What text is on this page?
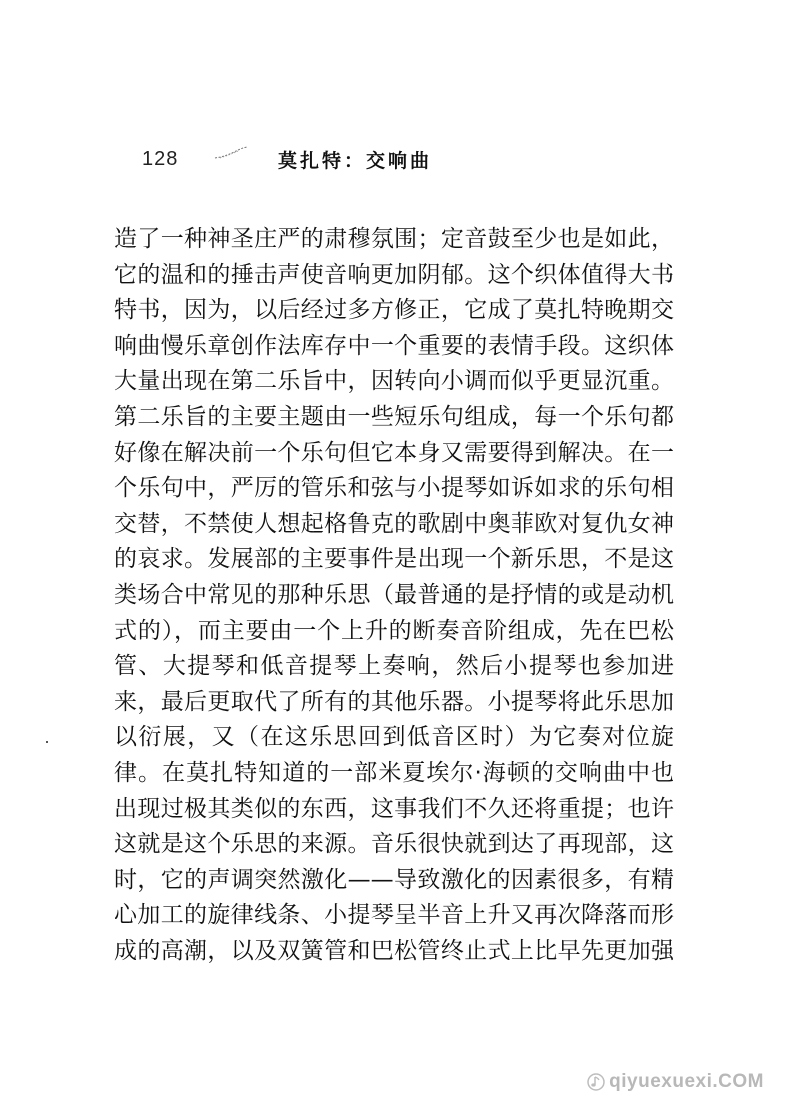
128	莫扎特：交响曲
造了一种神圣庄严的肃穆氛围；定音鼓至少也是如此，
它的温和的捶击声使音响更加阴郁。这个织体值得大书
特书，因为，以后经过多方修正，它成了莫扎特晚期交
响曲慢乐章创作法库存中一个重要的表情手段。这织体
大量出现在第二乐旨中，因转向小调而似乎更显沉重。
第二乐旨的主要主题由一些短乐句组成，每一个乐句都
好像在解决前一个乐句但它本身又需要得到解决。在一
个乐句中，严厉的管乐和弦与小提琴如诉如求的乐句相
交替，不禁使人想起格鲁克的歌剧中奥菲欧对复仇女神
的哀求。发展部的主要事件是出现一个新乐思，不是这
类场合中常见的那种乐思（最普通的是抒情的或是动机
式的），而主要由一个上升的断奏音阶组成，先在巴松
管、大提琴和低音提琴上奏响，然后小提琴也参加进
来，最后更取代了所有的其他乐器。小提琴将此乐思加
以衍展，又（在这乐思回到低音区时）为它奏对位旋
律。在莫扎特知道的一部米夏埃尔·海顿的交响曲中也
出现过极其类似的东西，这事我们不久还将重提；也许
这就是这个乐思的来源。音乐很快就到达了再现部，这
时，它的声调突然激化——导致激化的因素很多，有精
心加工的旋律线条、小提琴呈半音上升又再次降落而形
成的高潮，以及双簧管和巴松管终止式上比早先更加强
qiyuexuexi.COM
